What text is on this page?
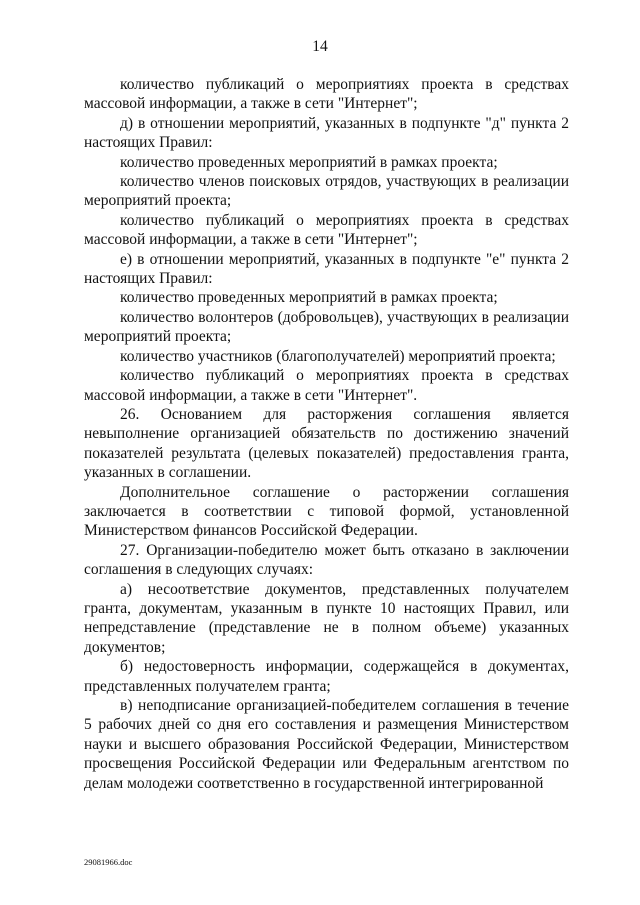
14

количество публикаций о мероприятиях проекта в средствах массовой информации, а также в сети "Интернет";

д) в отношении мероприятий, указанных в подпункте "д" пункта 2 настоящих Правил:

количество проведенных мероприятий в рамках проекта;

количество членов поисковых отрядов, участвующих в реализации мероприятий проекта;

количество публикаций о мероприятиях проекта в средствах массовой информации, а также в сети "Интернет";

е) в отношении мероприятий, указанных в подпункте "е" пункта 2 настоящих Правил:

количество проведенных мероприятий в рамках проекта;

количество волонтеров (добровольцев), участвующих в реализации мероприятий проекта;

количество участников (благополучателей) мероприятий проекта;

количество публикаций о мероприятиях проекта в средствах массовой информации, а также в сети "Интернет".

26. Основанием для расторжения соглашения является невыполнение организацией обязательств по достижению значений показателей результата (целевых показателей) предоставления гранта, указанных в соглашении.

Дополнительное соглашение о расторжении соглашения заключается в соответствии с типовой формой, установленной Министерством финансов Российской Федерации.

27. Организации-победителю может быть отказано в заключении соглашения в следующих случаях:

а) несоответствие документов, представленных получателем гранта, документам, указанным в пункте 10 настоящих Правил, или непредставление (представление не в полном объеме) указанных документов;

б) недостоверность информации, содержащейся в документах, представленных получателем гранта;

в) неподписание организацией-победителем соглашения в течение 5 рабочих дней со дня его составления и размещения Министерством науки и высшего образования Российской Федерации, Министерством просвещения Российской Федерации или Федеральным агентством по делам молодежи соответственно в государственной интегрированной

29081966.doc
